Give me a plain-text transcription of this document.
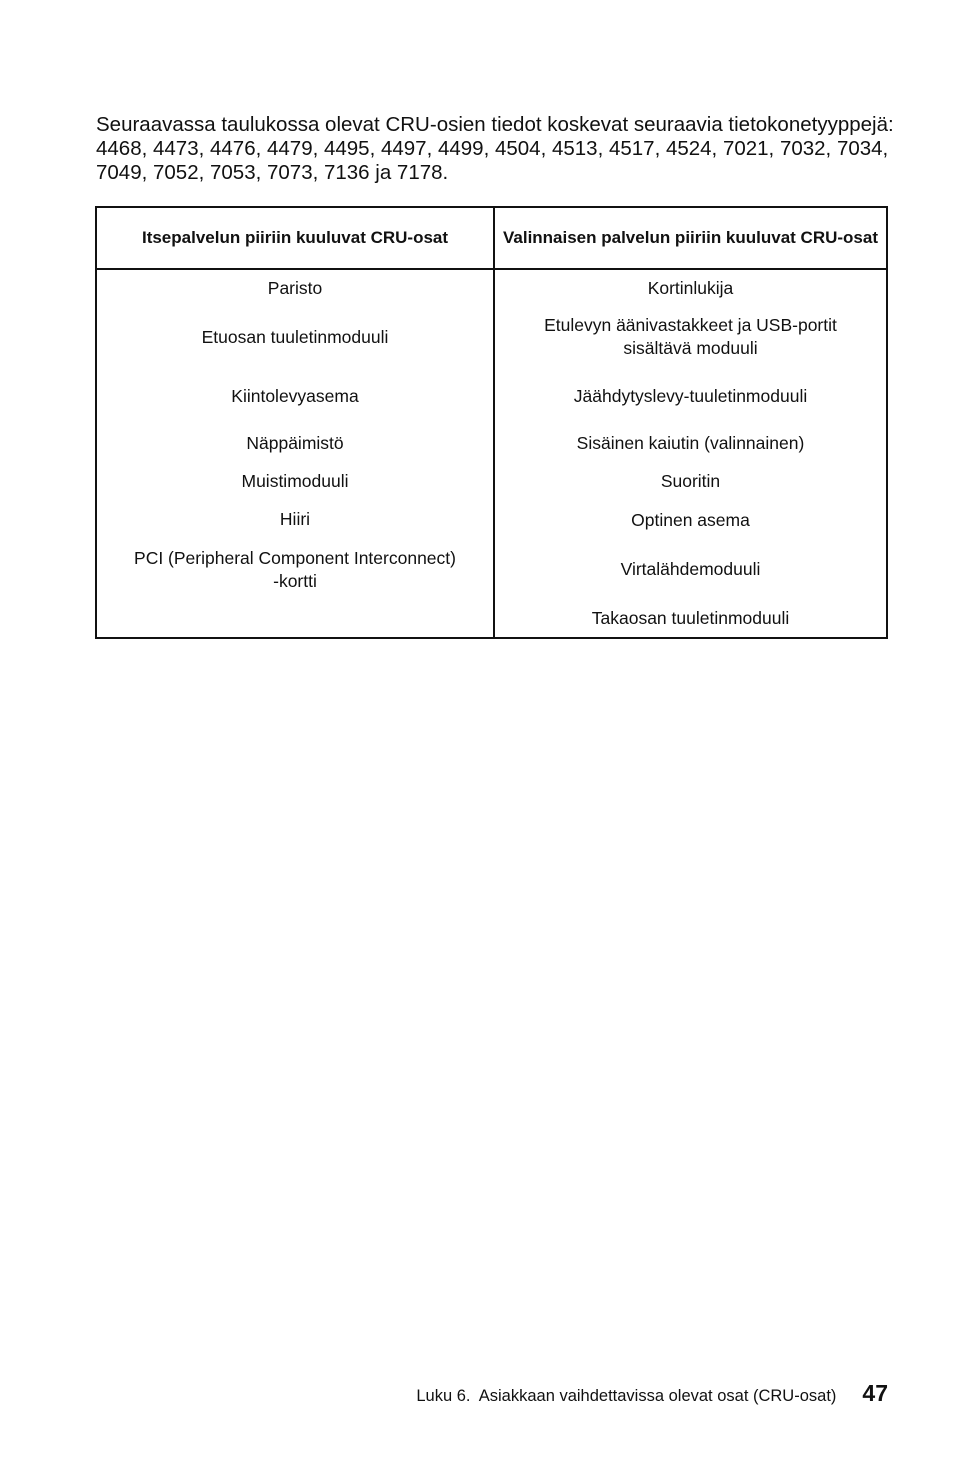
Seuraavassa taulukossa olevat CRU-osien tiedot koskevat seuraavia tietokonetyyppejä: 4468, 4473, 4476, 4479, 4495, 4497, 4499, 4504, 4513, 4517, 4524, 7021, 7032, 7034, 7049, 7052, 7053, 7073, 7136 ja 7178.

Itsepalvelun piiriin kuuluvat CRU-osat	Valinnaisen palvelun piiriin kuuluvat CRU-osat
Paristo
Etuosan tuuletinmoduuli
Kiintolevyasema
Näppäimistö
Muistimoduuli
Hiiri
PCI (Peripheral Component Interconnect)
-kortti
Kortinlukija
Etulevyn äänivastakkeet ja USB-portit
sisältävä moduuli
Jäähdytyslevy-tuuletinmoduuli
Sisäinen kaiutin (valinnainen)
Suoritin
Optinen asema
Virtalähdemoduuli
Takaosan tuuletinmoduuli
Luku 6.  Asiakkaan vaihdettavissa olevat osat (CRU-osat) 47
